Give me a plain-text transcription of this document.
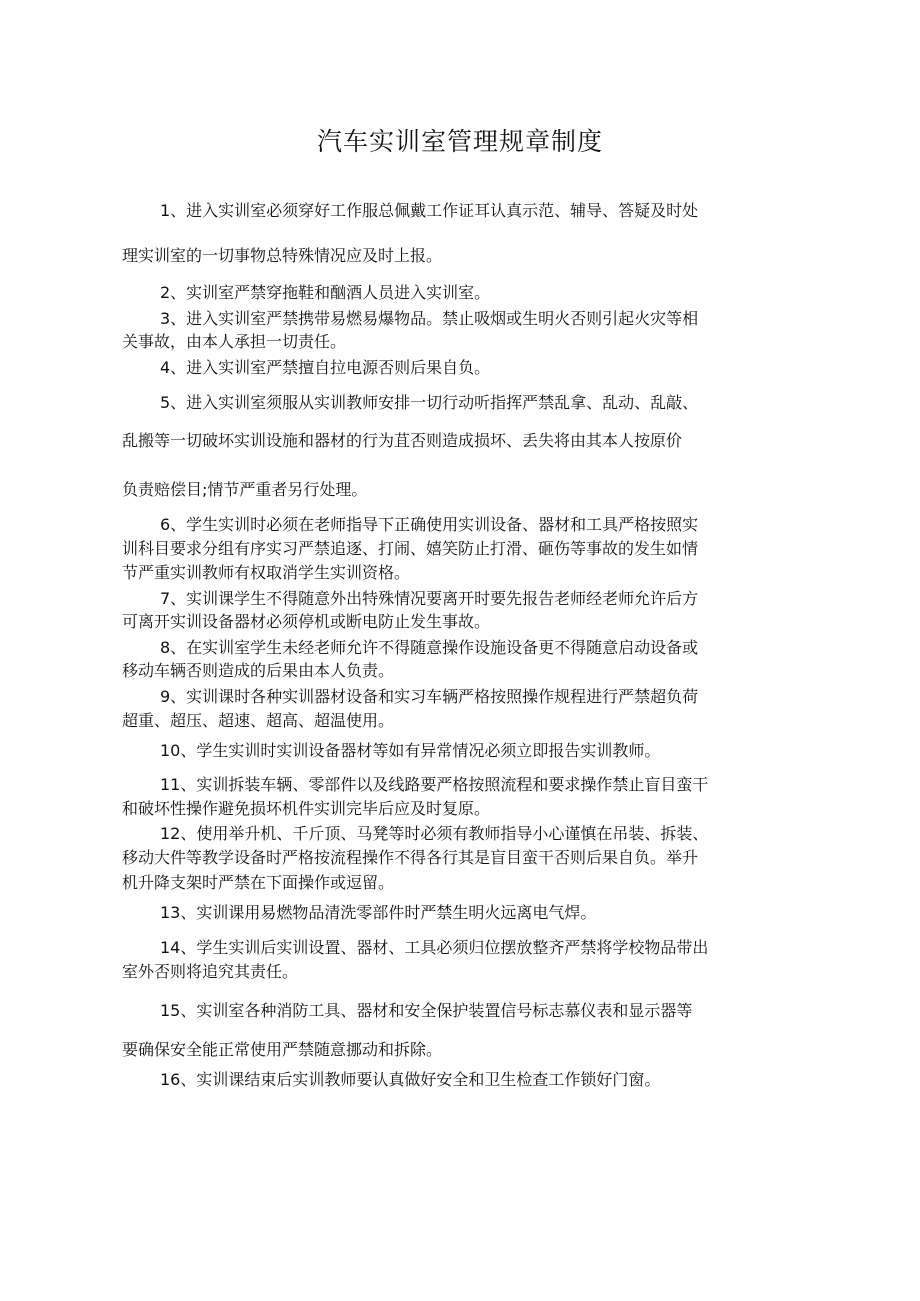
汽车实训室管理规章制度
1、进入实训室必须穿好工作服总佩戴工作证耳认真示范、辅导、答疑及时处
理实训室的一切事物总特殊情况应及时上报。
2、实训室严禁穿拖鞋和酗酒人员进入实训室。
3、进入实训室严禁携带易燃易爆物品。禁止吸烟或生明火否则引起火灾等相
关事故，由本人承担一切责任。
4、进入实训室严禁擅自拉电源否则后果自负。
5、进入实训室须服从实训教师安排一切行动听指挥严禁乱拿、乱动、乱敲、
乱搬等一切破坏实训设施和器材的行为苴否则造成损坏、丢失将由其本人按原价
负责赔偿目;情节严重者另行处理。
6、学生实训时必须在老师指导下正确使用实训设备、器材和工具严格按照实
训科目要求分组有序实习严禁追逐、打闹、嬉笑防止打滑、砸伤等事故的发生如情
节严重实训教师有权取消学生实训资格。
7、实训课学生不得随意外出特殊情况要离开时要先报告老师经老师允许后方
可离开实训设备器材必须停机或断电防止发生事故。
8、在实训室学生未经老师允许不得随意操作设施设备更不得随意启动设备或
移动车辆否则造成的后果由本人负责。
9、实训课时各种实训器材设备和实习车辆严格按照操作规程进行严禁超负荷
超重、超压、超速、超高、超温使用。
10、学生实训时实训设备器材等如有异常情况必须立即报告实训教师。
11、实训拆装车辆、零部件以及线路要严格按照流程和要求操作禁止盲目蛮干
和破坏性操作避免损坏机件实训完毕后应及时复原。
12、使用举升机、千斤顶、马凳等时必须有教师指导小心谨慎在吊装、拆装、
移动大件等教学设备时严格按流程操作不得各行其是盲目蛮干否则后果自负。举升
机升降支架时严禁在下面操作或逗留。
13、实训课用易燃物品清洗零部件时严禁生明火远离电气焊。
14、学生实训后实训设置、器材、工具必须归位摆放整齐严禁将学校物品带出
室外否则将追究其责任。
15、实训室各种消防工具、器材和安全保护装置信号标志慕仪表和显示器等
要确保安全能正常使用严禁随意挪动和拆除。
16、实训课结束后实训教师要认真做好安全和卫生检查工作锁好门窗。
